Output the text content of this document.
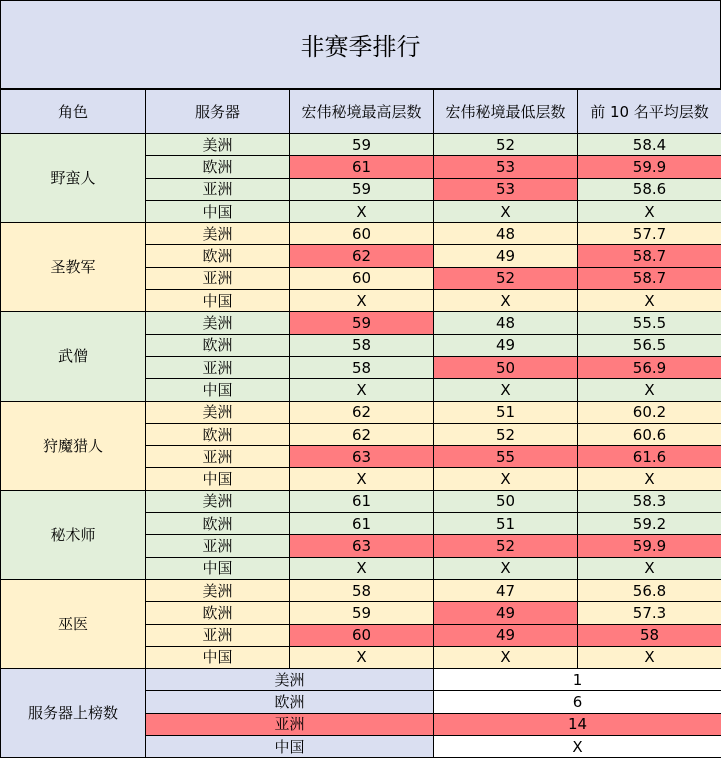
非赛季排行
角色	服务器	宏伟秘境最高层数	宏伟秘境最低层数	前 10 名平均层数
野蛮人	美洲	59	52	58.4
	欧洲	61	53	59.9
	亚洲	59	53	58.6
	中国	X	X	X
圣教军	美洲	60	48	57.7
	欧洲	62	49	58.7
	亚洲	60	52	58.7
	中国	X	X	X
武僧	美洲	59	48	55.5
	欧洲	58	49	56.5
	亚洲	58	50	56.9
	中国	X	X	X
狩魔猎人	美洲	62	51	60.2
	欧洲	62	52	60.6
	亚洲	63	55	61.6
	中国	X	X	X
秘术师	美洲	61	50	58.3
	欧洲	61	51	59.2
	亚洲	63	52	59.9
	中国	X	X	X
巫医	美洲	58	47	56.8
	欧洲	59	49	57.3
	亚洲	60	49	58
	中国	X	X	X
服务器上榜数	美洲		1	
	欧洲		6	
	亚洲		14	
	中国		X	
